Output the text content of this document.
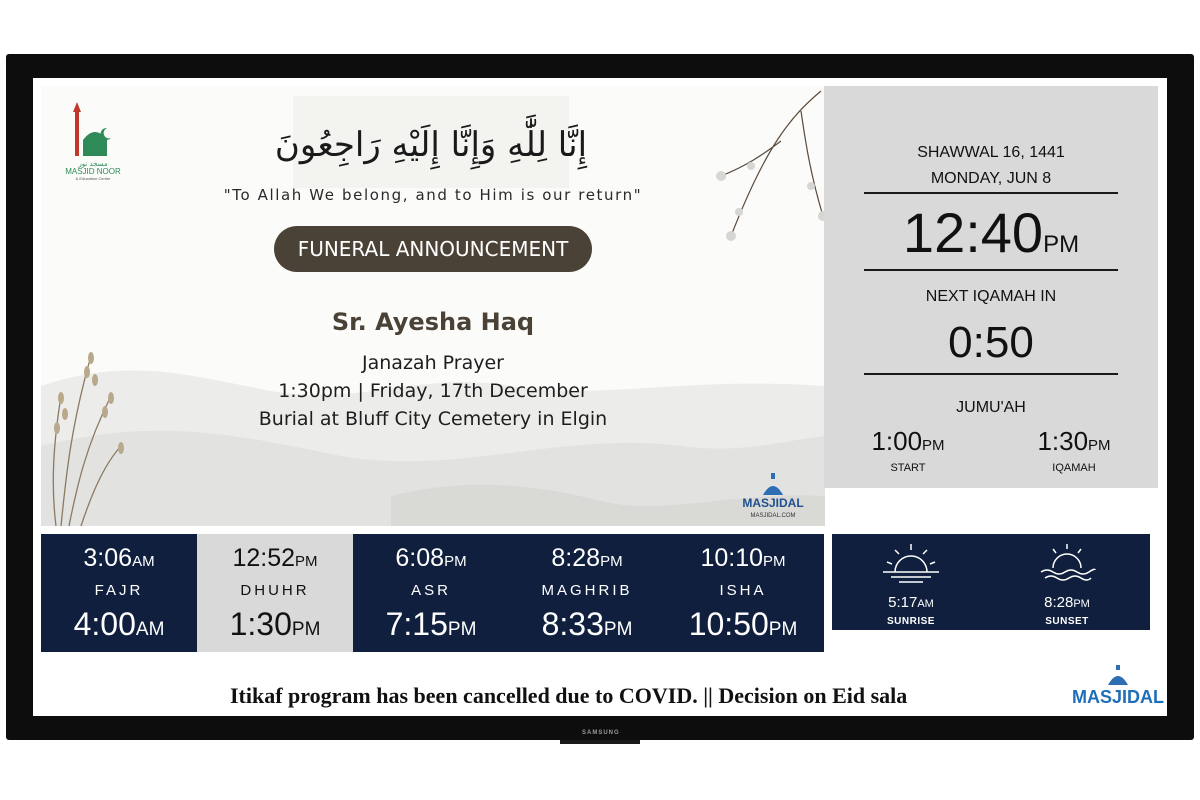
SAMSUNG
مسجد نور
MASJID NOOR
& Education Centre
إِنَّا لِلَّٰهِ وَإِنَّا إِلَيْهِ رَاجِعُونَ
"To Allah We belong, and to Him is our return"
FUNERAL ANNOUNCEMENT
Sr. Ayesha Haq
Janazah Prayer
1:30pm | Friday, 17th December
Burial at Bluff City Cemetery in Elgin
MASJIDAL
MASJIDAL.COM
SHAWWAL 16, 1441
MONDAY, JUN 8
12:40PM
NEXT IQAMAH IN
0:50
JUMU'AH
1:00PM
START
1:30PM
IQAMAH
3:06AM
FAJR
4:00AM
12:52PM
DHUHR
1:30PM
6:08PM
ASR
7:15PM
8:28PM
MAGHRIB
8:33PM
10:10PM
ISHA
10:50PM
5:17AM
SUNRISE
8:28PM
SUNSET
Itikaf program has been cancelled due to COVID. || Decision on Eid sala	MASJIDAL
